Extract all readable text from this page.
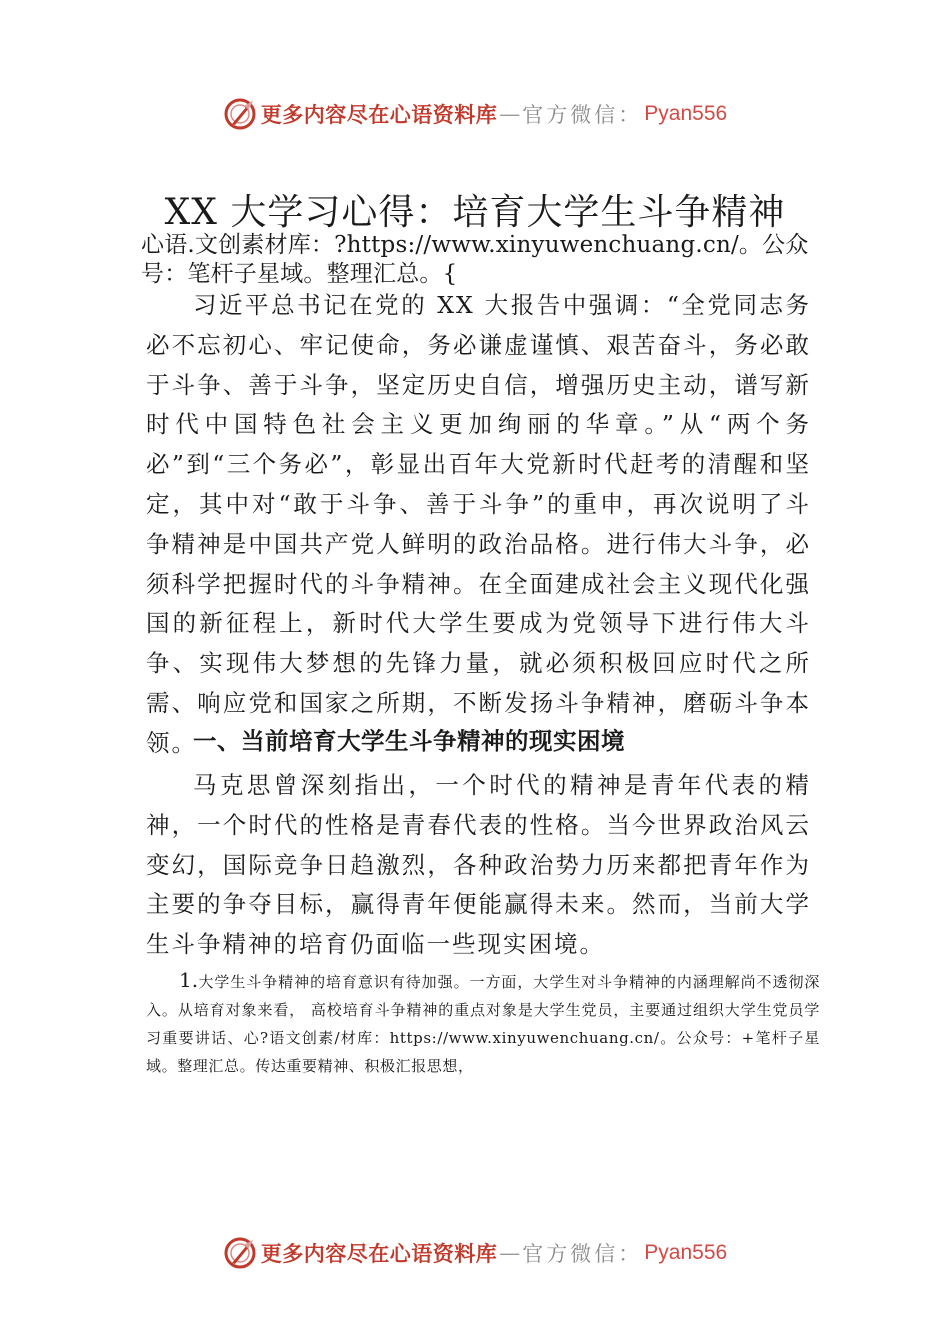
更多内容尽在心语资料库 — 官方微信： Pyan556
XX 大学习心得：培育大学生斗争精神

心语.文创素材库：?https://www.xinyuwenchuang.cn/。公众号：笔杆子星域。整理汇总。{

习近平总书记在党的 XX 大报告中强调：“全党同志务必不忘初心、牢记使命，务必谦虚谨慎、艰苦奋斗，务必敢于斗争、善于斗争，坚定历史自信，增强历史主动，谱写新时代中国特色社会主义更加绚丽的华章。”从“两个务必”到“三个务必”，彰显出百年大党新时代赶考的清醒和坚定，其中对“敢于斗争、善于斗争”的重申，再次说明了斗争精神是中国共产党人鲜明的政治品格。进行伟大斗争，必须科学把握时代的斗争精神。在全面建成社会主义现代化强国的新征程上，新时代大学生要成为党领导下进行伟大斗争、实现伟大梦想的先锋力量，就必须积极回应时代之所需、响应党和国家之所期，不断发扬斗争精神，磨砺斗争本领。

一、当前培育大学生斗争精神的现实困境

马克思曾深刻指出，一个时代的精神是青年代表的精神，一个时代的性格是青春代表的性格。当今世界政治风云变幻，国际竞争日趋激烈，各种政治势力历来都把青年作为主要的争夺目标，赢得青年便能赢得未来。然而，当前大学生斗争精神的培育仍面临一些现实困境。

1.大学生斗争精神的培育意识有待加强。一方面，大学生对斗争精神的内涵理解尚不透彻深入。从培育对象来看， 高校培育斗争精神的重点对象是大学生党员，主要通过组织大学生党员学习重要讲话、心?语文创素/材库：https://www.xinyuwenchuang.cn/。公众号：+笔杆子星域。整理汇总。传达重要精神、积极汇报思想，

更多内容尽在心语资料库 — 官方微信： Pyan556
